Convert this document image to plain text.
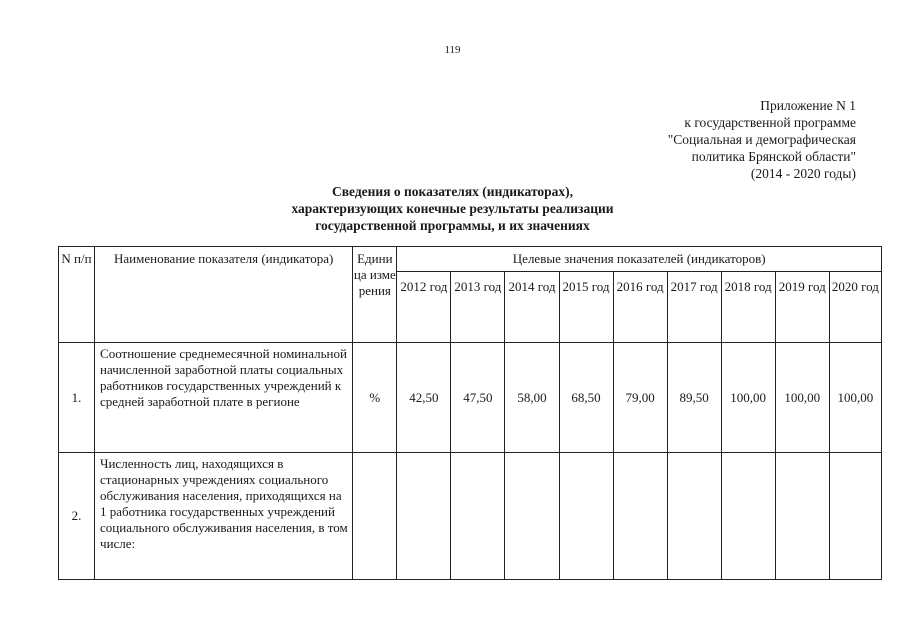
119
Приложение N 1
к государственной программе
"Социальная и демографическая
политика Брянской области"
(2014 - 2020 годы)
Сведения о показателях (индикаторах),
характеризующих конечные результаты реализации
государственной программы, и их значениях
N п/п	Наименование показателя (индикатора)	Едини ца изме рения	Целевые значения показателей (индикаторов)								
			2012 год	2013 год	2014 год	2015 год	2016 год	2017 год	2018 год	2019 год	2020 год
1.	Соотношение среднемесячной номинальной начисленной заработной платы социальных работников государственных учреждений к средней заработной плате в регионе	%	42,50	47,50	58,00	68,50	79,00	89,50	100,00	100,00	100,00
2.	Численность лиц, находящихся в стационарных учреждениях социального обслуживания населения, приходящихся на 1 работника государственных учреждений социального обслуживания населения, в том числе:										
